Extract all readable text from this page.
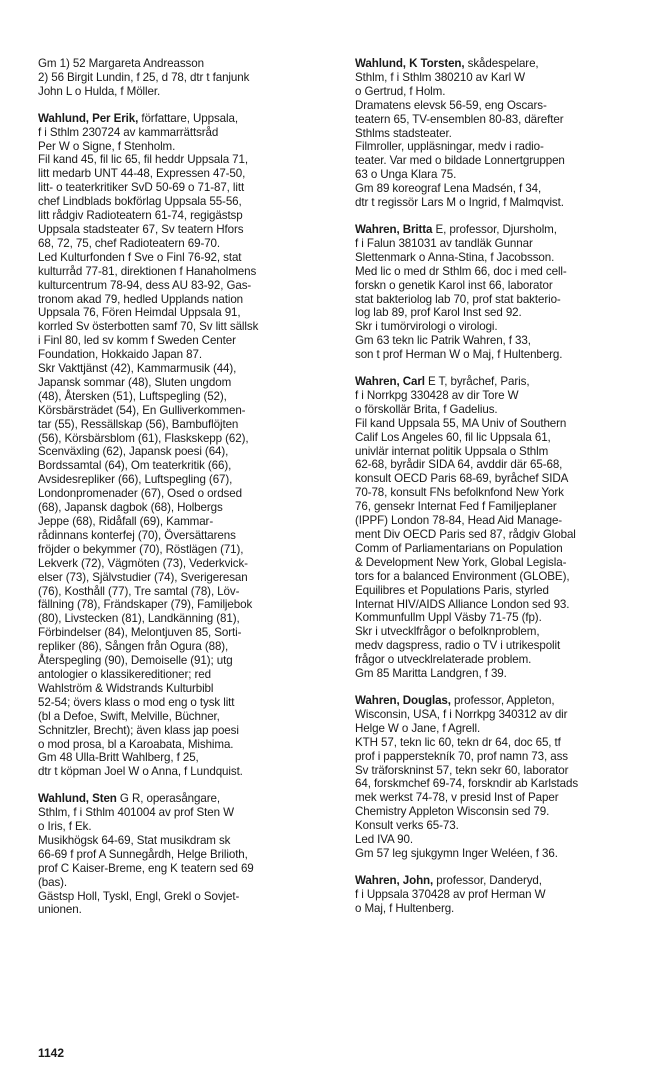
Gm 1) 52 Margareta Andreasson
2) 56 Birgit Lundin, f 25, d 78, dtr t fanjunk
John L o Hulda, f Möller.
Wahlund, Per Erik, författare, Uppsala,
f i Sthlm 230724 av kammarrättsråd
Per W o Signe, f Stenholm.
Fil kand 45, fil lic 65, fil heddr Uppsala 71,
litt medarb UNT 44-48, Expressen 47-50,
litt- o teaterkritiker SvD 50-69 o 71-87, litt
chef Lindblads bokförlag Uppsala 55-56,
litt rådgiv Radioteatern 61-74, regigästsp
Uppsala stadsteater 67, Sv teatern Hfors
68, 72, 75, chef Radioteatern 69-70.
Led Kulturfonden f Sve o Finl 76-92, stat
kulturråd 77-81, direktionen f Hanaholmens
kulturcentrum 78-94, dess AU 83-92, Gas-
tronom akad 79, hedled Upplands nation
Uppsala 76, Fören Heimdal Uppsala 91,
korrled Sv österbotten samf 70, Sv litt sällsk
i Finl 80, led sv komm f Sweden Center
Foundation, Hokkaido Japan 87.
Skr Vakttjänst (42), Kammarmusik (44),
Japansk sommar (48), Sluten ungdom
(48), Återsken (51), Luftspegling (52),
Körsbärsträdet (54), En Gulliverkommen-
tar (55), Ressällskap (56), Bambuflöjten
(56), Körsbärsblom (61), Flaskskepp (62),
Scenväxling (62), Japansk poesi (64),
Bordssamtal (64), Om teaterkritik (66),
Avsidesrepliker (66), Luftspegling (67),
Londonpromenader (67), Osed o ordsed
(68), Japansk dagbok (68), Holbergs
Jeppe (68), Ridåfall (69), Kammar-
rådinnans konterfej (70), Översättarens
fröjder o bekymmer (70), Röstlägen (71),
Lekverk (72), Vägmöten (73), Vederkvick-
elser (73), Självstudier (74), Sverigeresan
(76), Kosthåll (77), Tre samtal (78), Löv-
fällning (78), Frändskaper (79), Familjebok
(80), Livstecken (81), Landkänning (81),
Förbindelser (84), Melontjuven 85, Sorti-
repliker (86), Sången från Ogura (88),
Återspegling (90), Demoiselle (91); utg
antologier o klassikereditioner; red
Wahlström & Widstrands Kulturbibl
52-54; övers klass o mod eng o tysk litt
(bl a Defoe, Swift, Melville, Büchner,
Schnitzler, Brecht); även klass jap poesi
o mod prosa, bl a Karoabata, Mishima.
Gm 48 Ulla-Britt Wahlberg, f 25,
dtr t köpman Joel W o Anna, f Lundquist.
Wahlund, Sten G R, operasångare,
Sthlm, f i Sthlm 401004 av prof Sten W
o Iris, f Ek.
Musikhögsk 64-69, Stat musikdram sk
66-69 f prof A Sunnegårdh, Helge Brilioth,
prof C Kaiser-Breme, eng K teatern sed 69
(bas).
Gästsp Holl, Tyskl, Engl, Grekl o Sovjet-
unionen.
Wahlund, K Torsten, skådespelare,
Sthlm, f i Sthlm 380210 av Karl W
o Gertrud, f Holm.
Dramatens elevsk 56-59, eng Oscars-
teatern 65, TV-ensemblen 80-83, därefter
Sthlms stadsteater.
Filmroller, uppläsningar, medv i radio-
teater. Var med o bildade Lonnertgruppen
63 o Unga Klara 75.
Gm 89 koreograf Lena Madsén, f 34,
dtr t regissör Lars M o Ingrid, f Malmqvist.
Wahren, Britta E, professor, Djursholm,
f i Falun 381031 av tandläk Gunnar
Slettenmark o Anna-Stina, f Jacobsson.
Med lic o med dr Sthlm 66, doc i med cell-
forskn o genetik Karol inst 66, laborator
stat bakteriolog lab 70, prof stat bakterio-
log lab 89, prof Karol Inst sed 92.
Skr i tumörvirologi o virologi.
Gm 63 tekn lic Patrik Wahren, f 33,
son t prof Herman W o Maj, f Hultenberg.
Wahren, Carl E T, byråchef, Paris,
f i Norrkpg 330428 av dir Tore W
o förskollär Brita, f Gadelius.
Fil kand Uppsala 55, MA Univ of Southern
Calif Los Angeles 60, fil lic Uppsala 61,
univlär internat politik Uppsala o Sthlm
62-68, byrådir SIDA 64, avddir där 65-68,
konsult OECD Paris 68-69, byråchef SIDA
70-78, konsult FNs befolknfond New York
76, gensekr Internat Fed f Familjeplaner
(IPPF) London 78-84, Head Aid Manage-
ment Div OECD Paris sed 87, rådgiv Global
Comm of Parliamentarians on Population
& Development New York, Global Legisla-
tors for a balanced Environment (GLOBE),
Equilibres et Populations Paris, styrled
Internat HIV/AIDS Alliance London sed 93.
Kommunfullm Uppl Väsby 71-75 (fp).
Skr i utvecklfrågor o befolknproblem,
medv dagspress, radio o TV i utrikespolit
frågor o utvecklrelaterade problem.
Gm 85 Maritta Landgren, f 39.
Wahren, Douglas, professor, Appleton,
Wisconsin, USA, f i Norrkpg 340312 av dir
Helge W o Jane, f Agrell.
KTH 57, tekn lic 60, tekn dr 64, doc 65, tf
prof i papperstekník 70, prof namn 73, ass
Sv träforskninst 57, tekn sekr 60, laborator
64, forskmchef 69-74, forskndir ab Karlstads
mek werkst 74-78, v presid Inst of Paper
Chemistry Appleton Wisconsin sed 79.
Konsult verks 65-73.
Led IVA 90.
Gm 57 leg sjukgymn Inger Weléen, f 36.
Wahren, John, professor, Danderyd,
f i Uppsala 370428 av prof Herman W
o Maj, f Hultenberg.
1142
